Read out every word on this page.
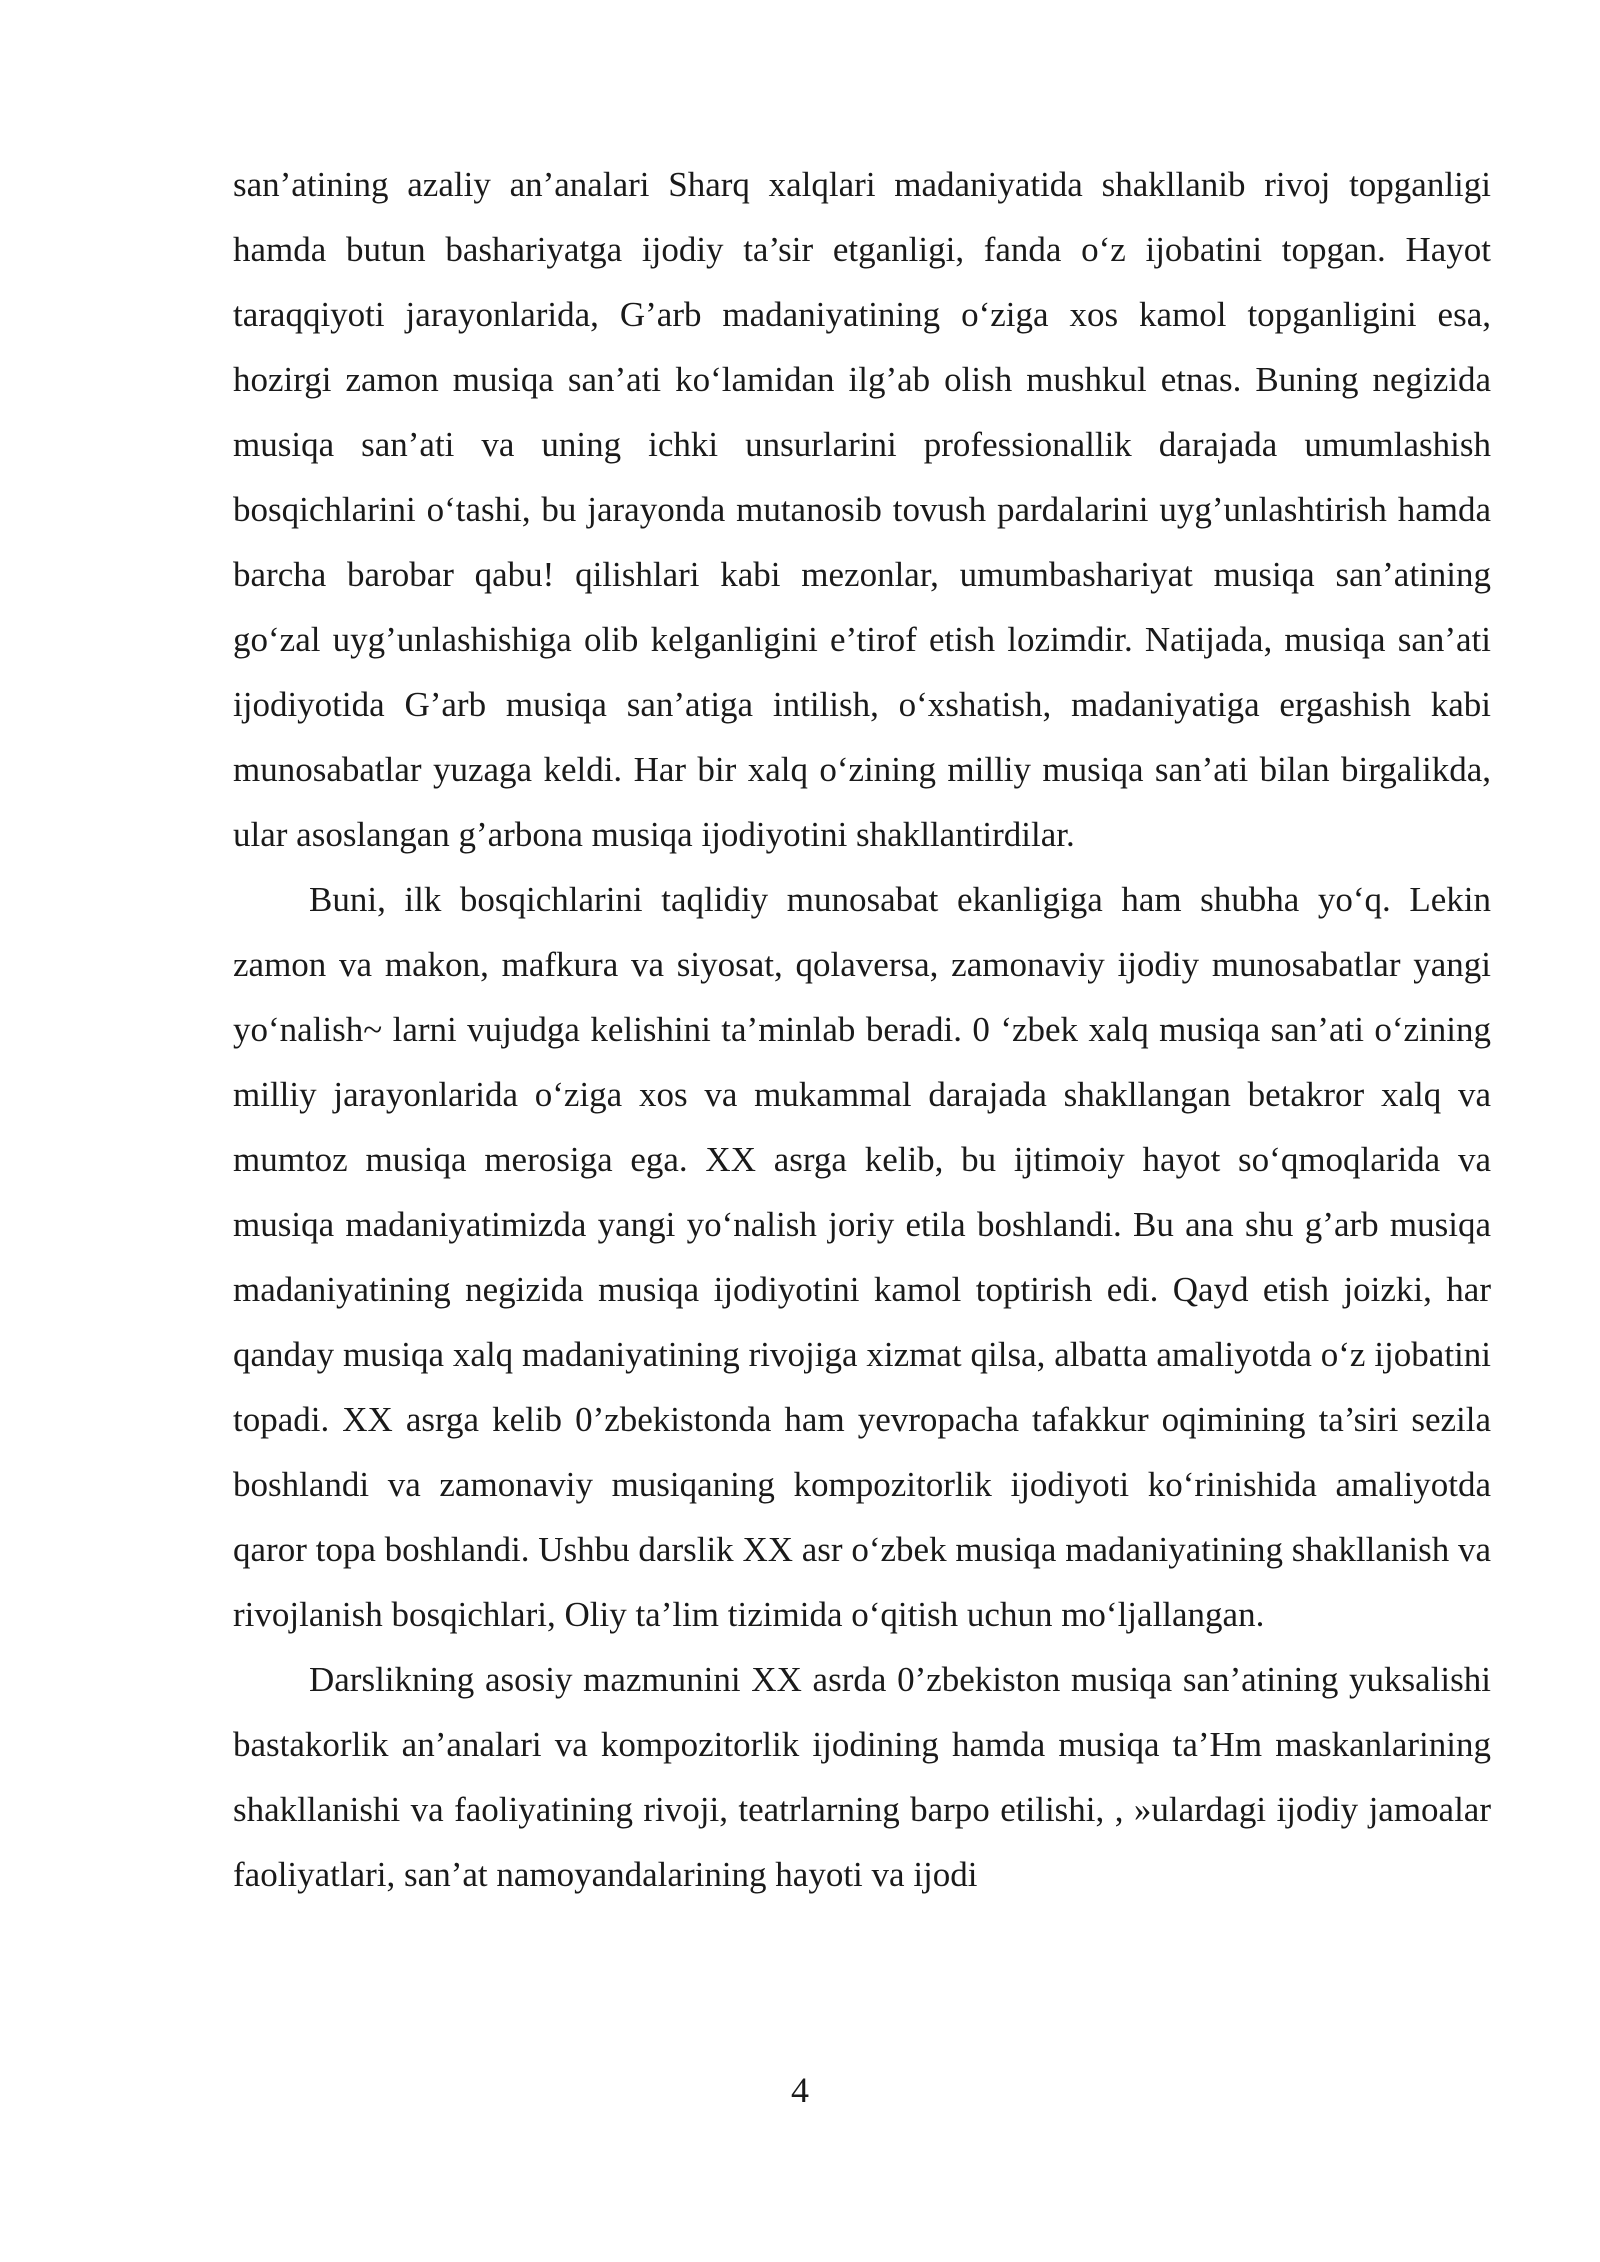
san’atining azaliy an’analari Sharq xalqlari madaniyatida shakllanib rivoj topganligi hamda butun bashariyatga ijodiy ta’sir etganligi, fanda o‘z ijobatini topgan. Hayot taraqqiyoti jarayonlarida, G’arb madaniyatining o‘ziga xos kamol topganligini esa, hozirgi zamon musiqa san’ati ko‘lamidan ilg’ab olish mushkul etnas. Buning negizida musiqa san’ati va uning ichki unsurlarini professionallik darajada umumlashish bosqichlarini o‘tashi, bu jarayonda mutanosib tovush pardalarini uyg’unlashtirish hamda barcha barobar qabu! qilishlari kabi mezonlar, umumbashariyat musiqa san’atining go‘zal uyg’unlashishiga olib kelganligini e’tirof etish lozimdir. Natijada, musiqa san’ati ijodiyotida G’arb musiqa san’atiga intilish, o‘xshatish, madaniyatiga ergashish kabi munosabatlar yuzaga keldi. Har bir xalq o‘zining milliy musiqa san’ati bilan birgalikda, ular asoslangan g’arbona musiqa ijodiyotini shakllantirdilar.

Buni, ilk bosqichlarini taqlidiy munosabat ekanligiga ham shubha yo‘q. Lekin zamon va makon, mafkura va siyosat, qolaversa, zamonaviy ijodiy munosabatlar yangi yo‘nalish~ larni vujudga kelishini ta’minlab beradi. 0 ‘zbek xalq musiqa san’ati o‘zining milliy jarayonlarida o‘ziga xos va mukammal darajada shakllangan betakror xalq va mumtoz musiqa merosiga ega. XX asrga kelib, bu ijtimoiy hayot so‘qmoqlarida va musiqa madaniyatimizda yangi yo‘nalish joriy etila boshlandi. Bu ana shu g’arb musiqa madaniyatining negizida musiqa ijodiyotini kamol toptirish edi. Qayd etish joizki, har qanday musiqa xalq madaniyatining rivojiga xizmat qilsa, albatta amaliyotda o‘z ijobatini topadi. XX asrga kelib 0’zbekistonda ham yevropacha tafakkur oqimining ta’siri sezila boshlandi va zamonaviy musiqaning kompozitorlik ijodiyoti ko‘rinishida amaliyotda qaror topa boshlandi. Ushbu darslik XX asr o‘zbek musiqa madaniyatining shakllanish va rivojlanish bosqichlari, Oliy ta’lim tizimida o‘qitish uchun mo‘ljallangan.

Darslikning asosiy mazmunini XX asrda 0’zbekiston musiqa san’atining yuksalishi bastakorlik an’analari va kompozitorlik ijodining hamda musiqa ta’Hm maskanlarining shakllanishi va faoliyatining rivoji, teatrlarning barpo etilishi, , »ulardagi ijodiy jamoalar faoliyatlari, san’at namoyandalarining hayoti va ijodi

4
